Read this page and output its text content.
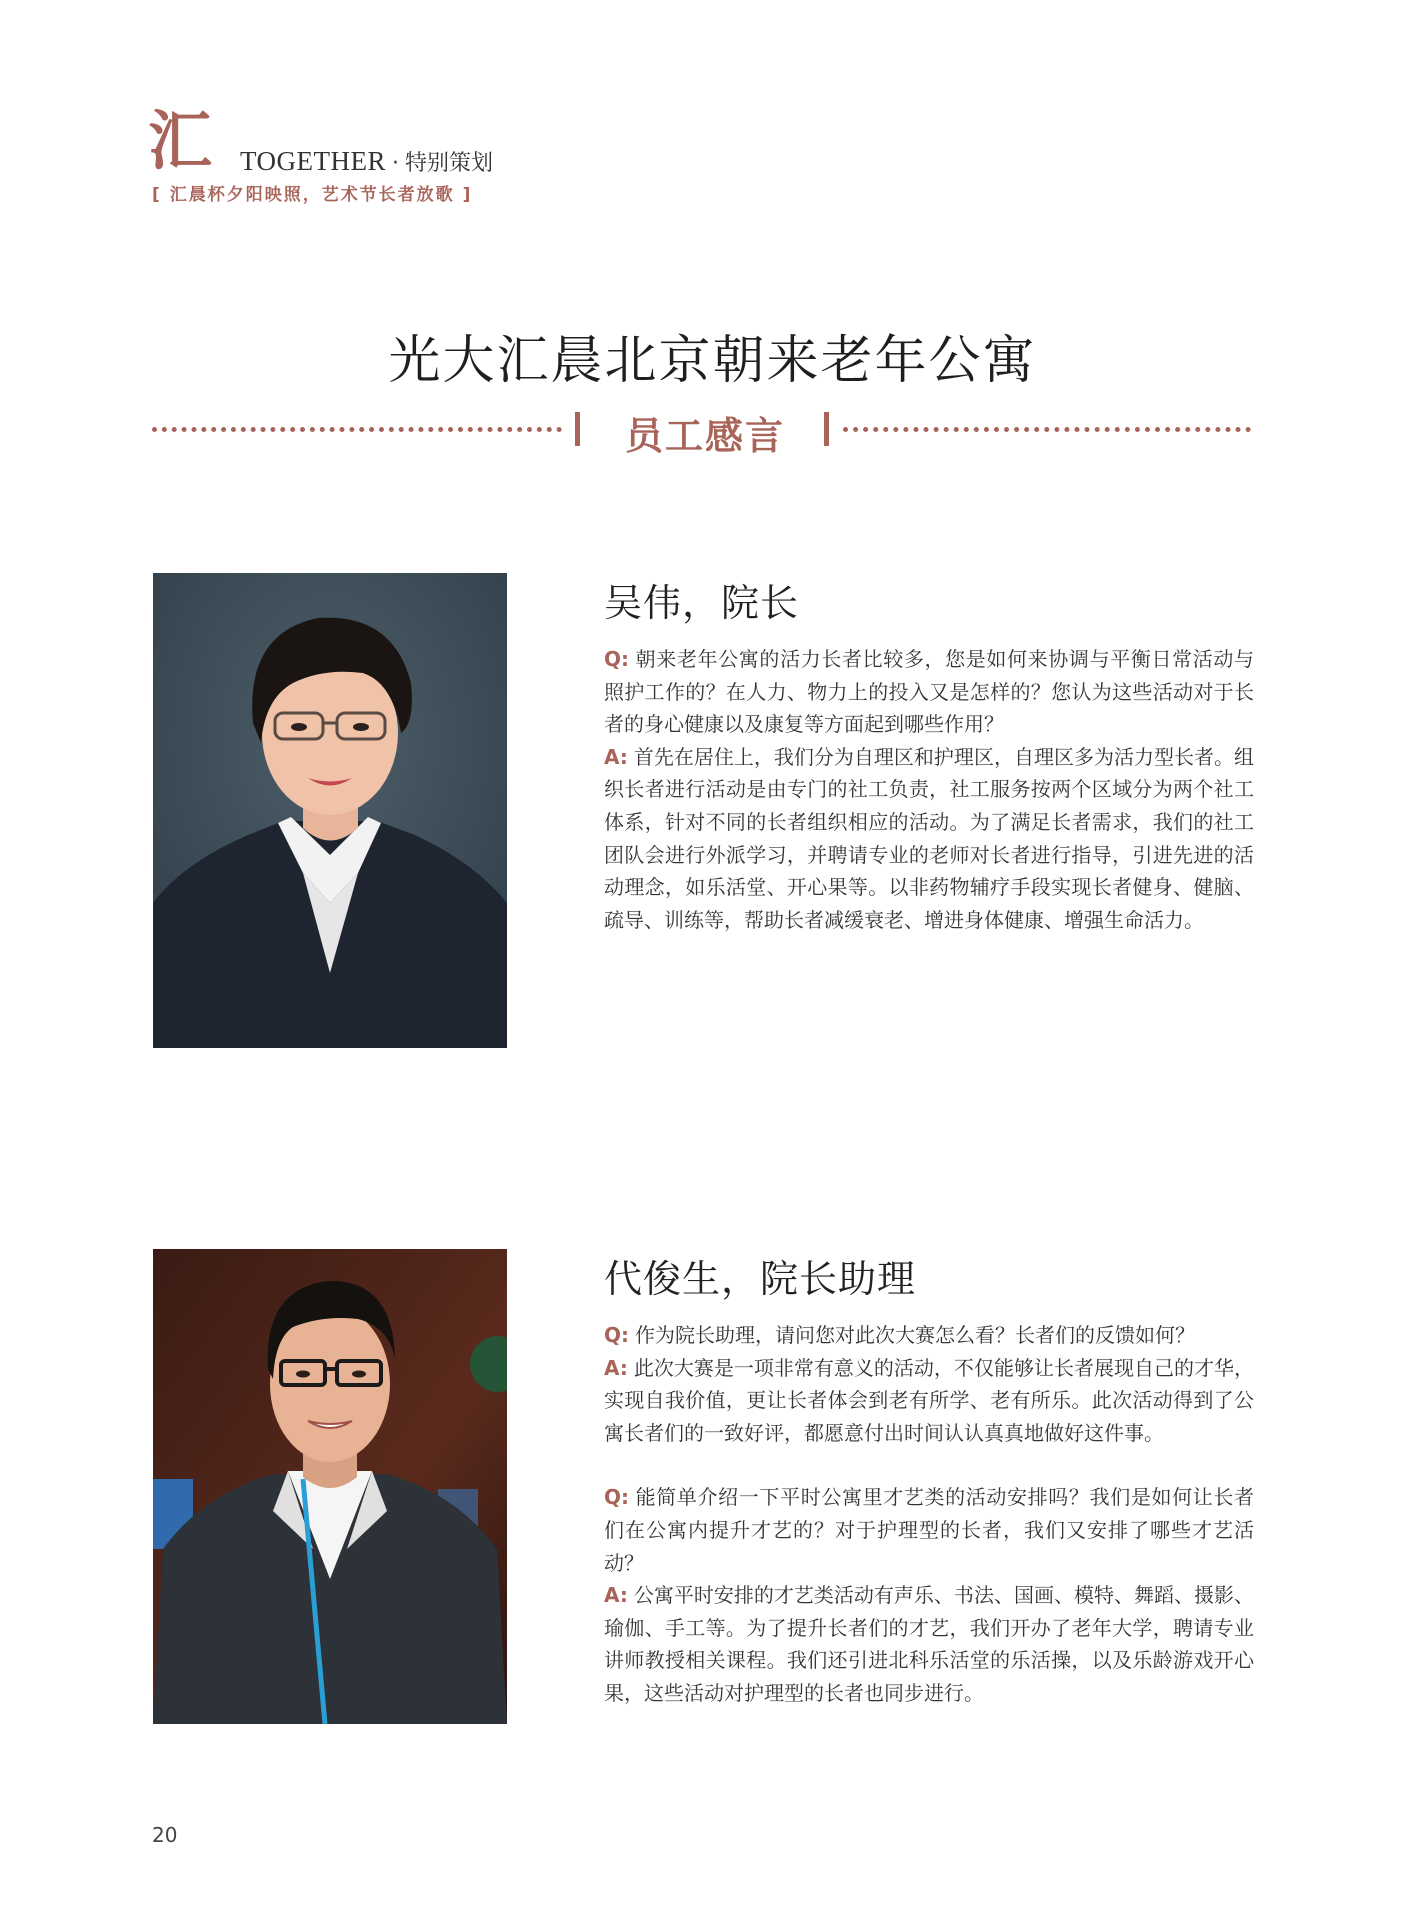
汇 TOGETHER · 特别策划
[ 汇晨杯夕阳映照，艺术节长者放歌 ]
光大汇晨北京朝来老年公寓
员工感言
吴伟，院长

Q: 朝来老年公寓的活力长者比较多，您是如何来协调与平衡日常活动与照护工作的？在人力、物力上的投入又是怎样的？您认为这些活动对于长者的身心健康以及康复等方面起到哪些作用？

A: 首先在居住上，我们分为自理区和护理区，自理区多为活力型长者。组织长者进行活动是由专门的社工负责，社工服务按两个区域分为两个社工体系，针对不同的长者组织相应的活动。为了满足长者需求，我们的社工团队会进行外派学习，并聘请专业的老师对长者进行指导，引进先进的活动理念，如乐活堂、开心果等。以非药物辅疗手段实现长者健身、健脑、疏导、训练等，帮助长者减缓衰老、增进身体健康、增强生命活力。

代俊生，院长助理

Q: 作为院长助理，请问您对此次大赛怎么看？长者们的反馈如何？

A: 此次大赛是一项非常有意义的活动，不仅能够让长者展现自己的才华，实现自我价值，更让长者体会到老有所学、老有所乐。此次活动得到了公寓长者们的一致好评，都愿意付出时间认认真真地做好这件事。

Q: 能简单介绍一下平时公寓里才艺类的活动安排吗？我们是如何让长者们在公寓内提升才艺的？对于护理型的长者，我们又安排了哪些才艺活动？

A: 公寓平时安排的才艺类活动有声乐、书法、国画、模特、舞蹈、摄影、瑜伽、手工等。为了提升长者们的才艺，我们开办了老年大学，聘请专业讲师教授相关课程。我们还引进北科乐活堂的乐活操，以及乐龄游戏开心果，这些活动对护理型的长者也同步进行。

20
